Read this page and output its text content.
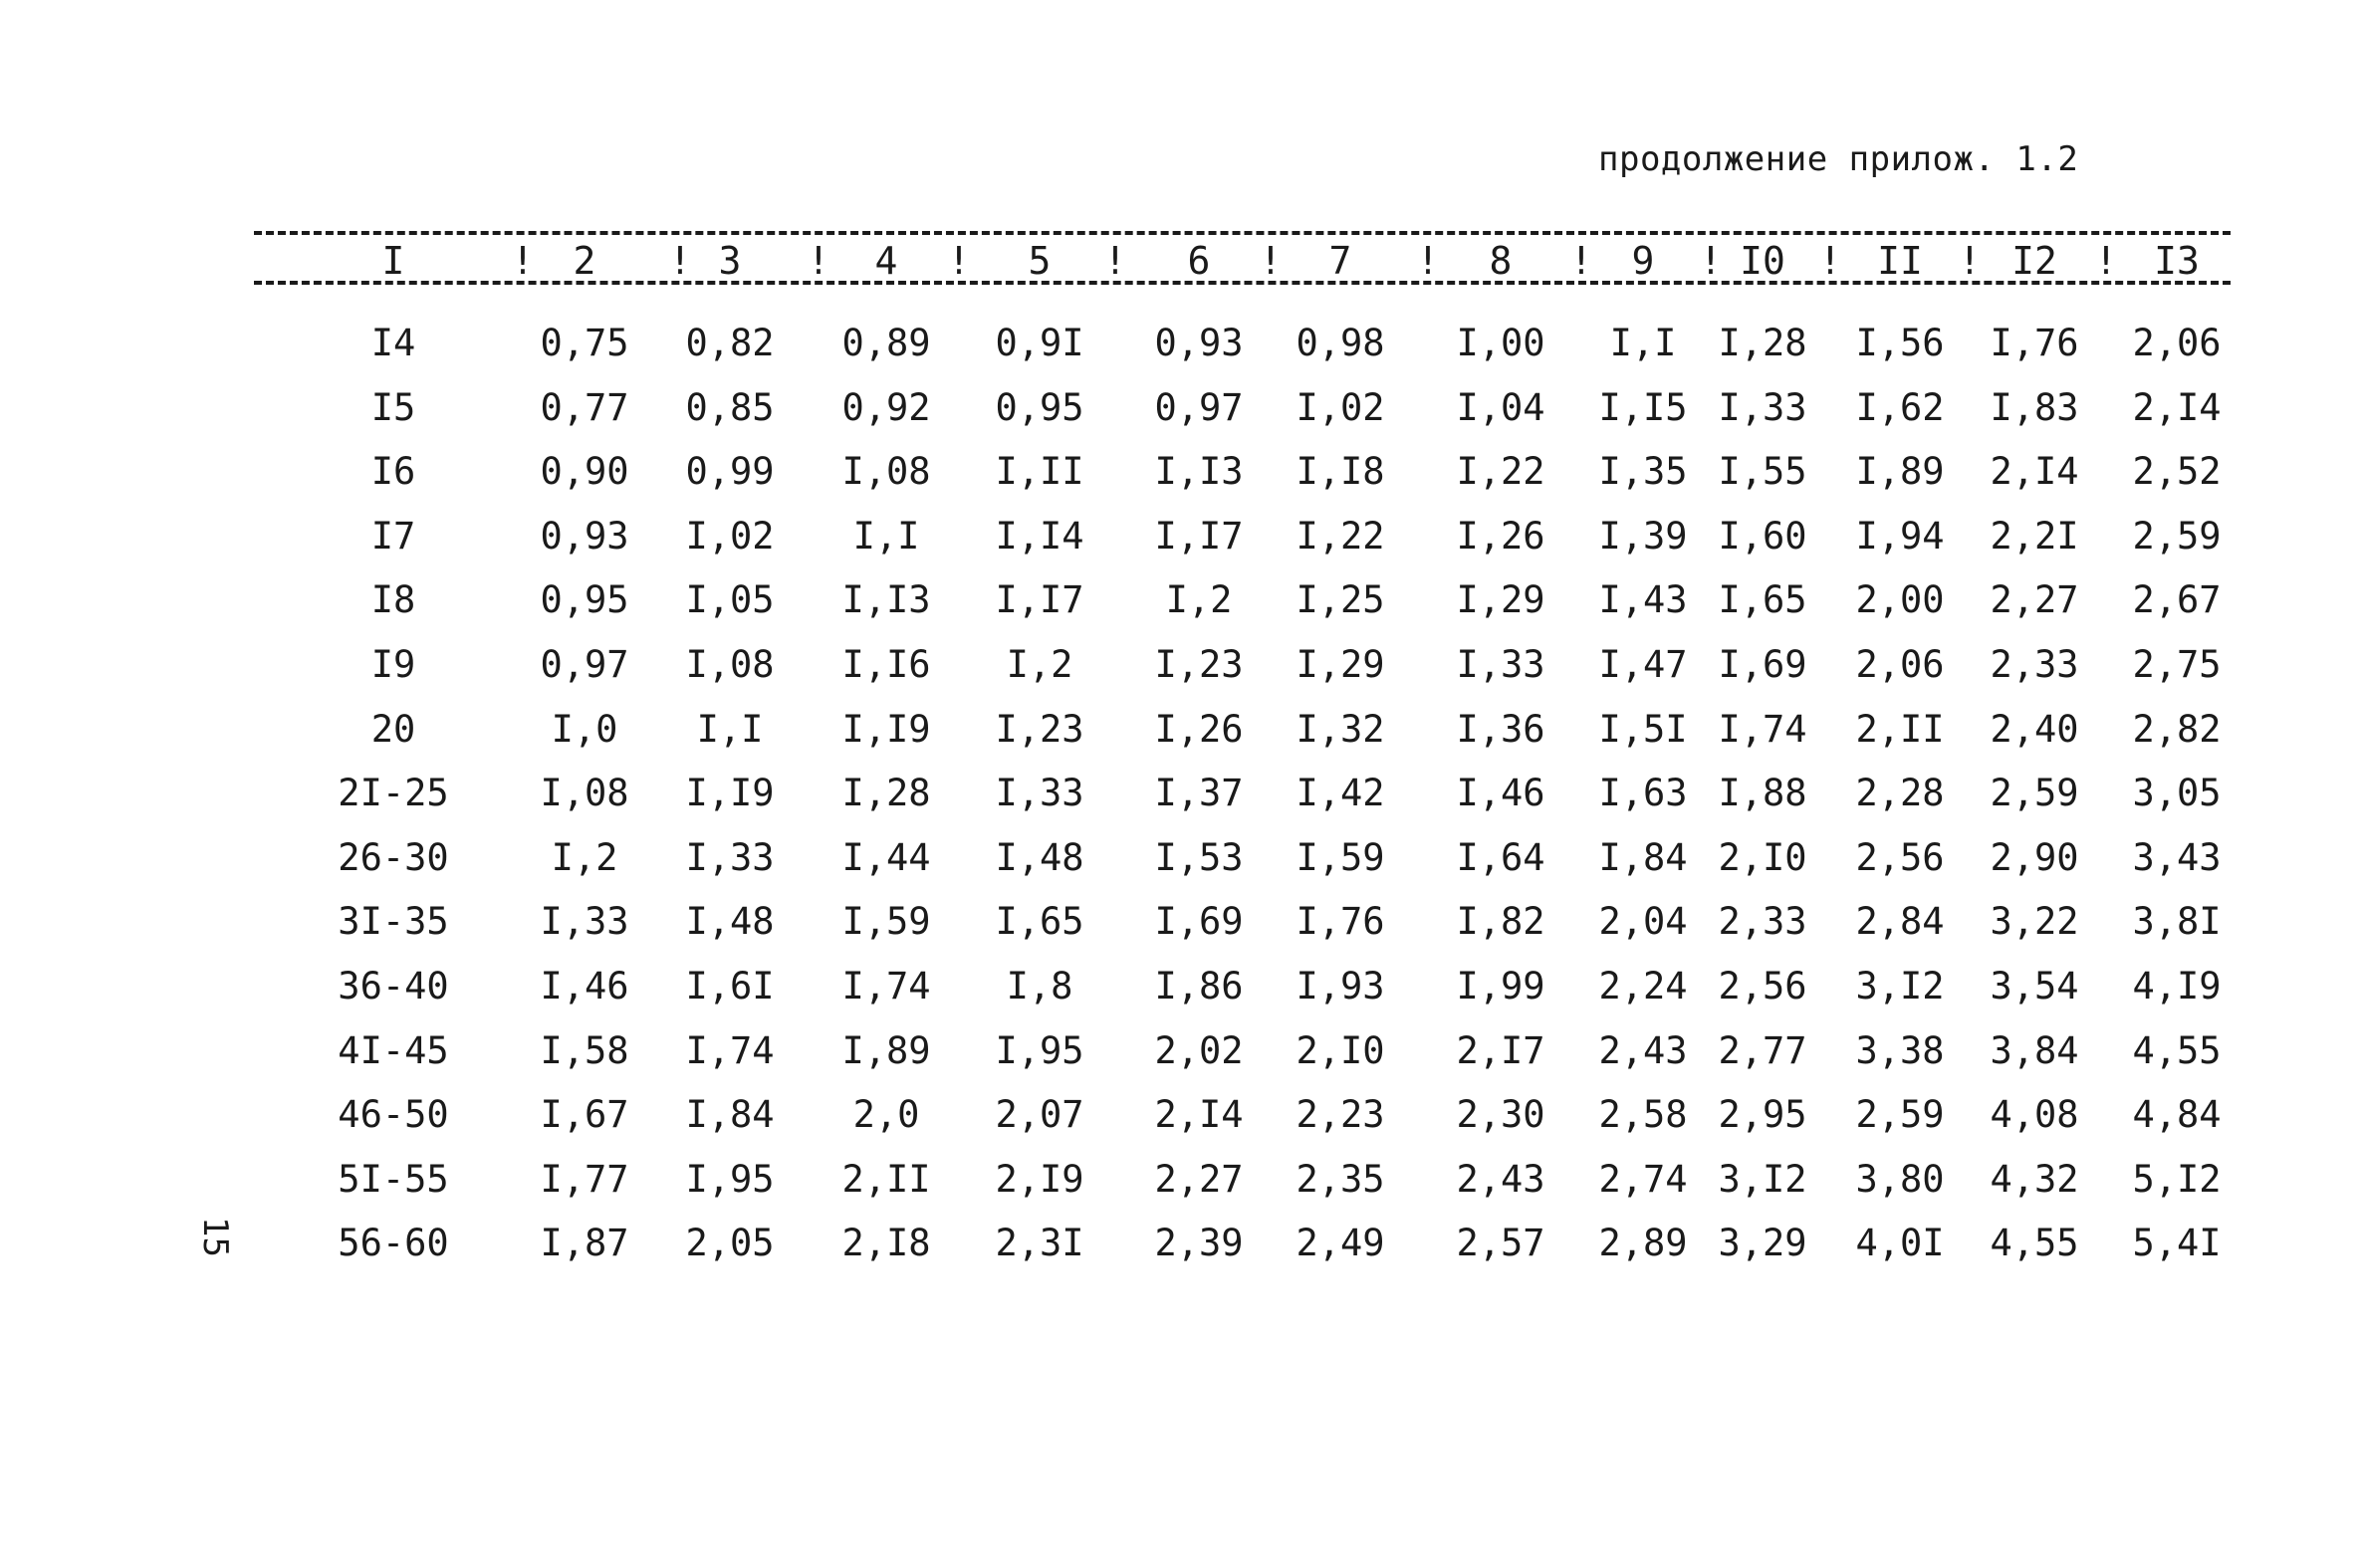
продолжение прилож. 1.2
I	2	3	4	5	6	7	8	9 I0 II I2	I3
!	!	!	!	!	!	!	!	!	!	!	!
I4	0,75 0,82 0,89 0,9I 0,93 0,98 I,00 I,I I,28 I,56 I,76 2,06
I5	0,77 0,85 0,92 0,95 0,97 I,02 I,04 I,I5 I,33 I,62 I,83 2,I4
I6	0,90 0,99 I,08 I,II I,I3 I,I8 I,22 I,35 I,55 I,89 2,I4 2,52
I7	0,93 I,02 I,I I,I4 I,I7 I,22 I,26 I,39 I,60 I,94 2,2I 2,59
I8	0,95 I,05 I,I3 I,I7 I,2 I,25 I,29 I,43 I,65 2,00 2,27 2,67
I9	0,97 I,08 I,I6 I,2 I,23 I,29 I,33 I,47 I,69 2,06 2,33 2,75
20	I,0 I,I I,I9 I,23 I,26 I,32 I,36 I,5I I,74 2,II 2,40 2,82
2I-25 I,08 I,I9 I,28 I,33 I,37 I,42 I,46 I,63 I,88 2,28 2,59 3,05
26-30	I,2 I,33 I,44 I,48 I,53 I,59 I,64 I,84 2,I0 2,56 2,90 3,43
3I-35 I,33 I,48 I,59 I,65 I,69 I,76 I,82 2,04 2,33 2,84 3,22 3,8I
36-40 I,46 I,6I I,74 I,8 I,86 I,93 I,99 2,24 2,56 3,I2 3,54 4,I9
4I-45 I,58 I,74 I,89 I,95 2,02 2,I0 2,I7 2,43 2,77 3,38 3,84 4,55
46-50 I,67 I,84 2,0 2,07 2,I4 2,23 2,30 2,58 2,95 2,59 4,08 4,84
5I-55 I,77 I,95 2,II 2,I9 2,27 2,35 2,43 2,74 3,I2 3,80 4,32 5,I2
56-60 I,87 2,05 2,I8 2,3I 2,39 2,49 2,57 2,89 3,29 4,0I 4,55 5,4I
15
